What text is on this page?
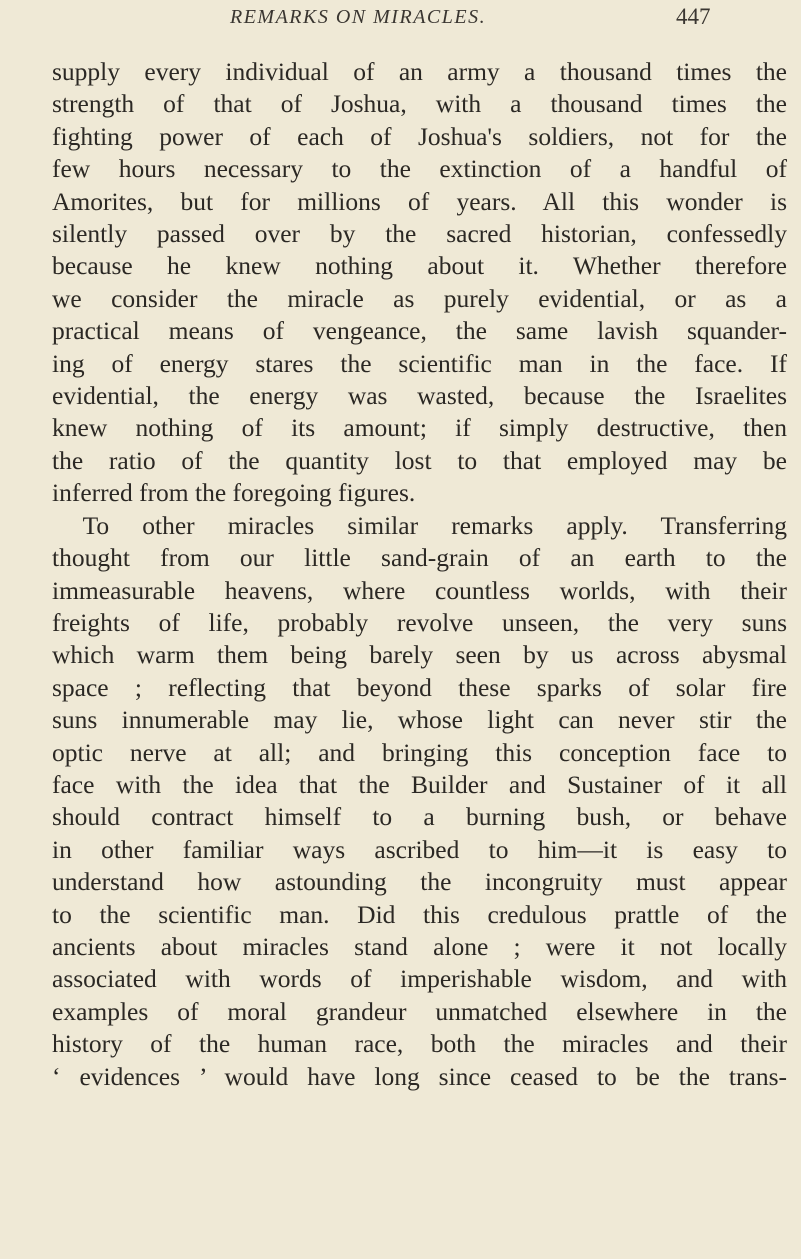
REMARKS ON MIRACLES.	447
supply every individual of an army a thousand times the
strength of that of Joshua, with a thousand times the
fighting power of each of Joshua's soldiers, not for the
few hours necessary to the extinction of a handful of
Amorites, but for millions of years. All this wonder is
silently passed over by the sacred historian, confessedly
because he knew nothing about it. Whether therefore
we consider the miracle as purely evidential, or as a
practical means of vengeance, the same lavish squander-
ing of energy stares the scientific man in the face. If
evidential, the energy was wasted, because the Israelites
knew nothing of its amount; if simply destructive, then
the ratio of the quantity lost to that employed may be
inferred from the foregoing figures.
To other miracles similar remarks apply. Transferring
thought from our little sand-grain of an earth to the
immeasurable heavens, where countless worlds, with their
freights of life, probably revolve unseen, the very suns
which warm them being barely seen by us across abysmal
space ; reflecting that beyond these sparks of solar fire
suns innumerable may lie, whose light can never stir the
optic nerve at all; and bringing this conception face to
face with the idea that the Builder and Sustainer of it all
should contract himself to a burning bush, or behave
in other familiar ways ascribed to him—it is easy to
understand how astounding the incongruity must appear
to the scientific man. Did this credulous prattle of the
ancients about miracles stand alone ; were it not locally
associated with words of imperishable wisdom, and with
examples of moral grandeur unmatched elsewhere in the
history of the human race, both the miracles and their
‘ evidences ’ would have long since ceased to be the trans-
